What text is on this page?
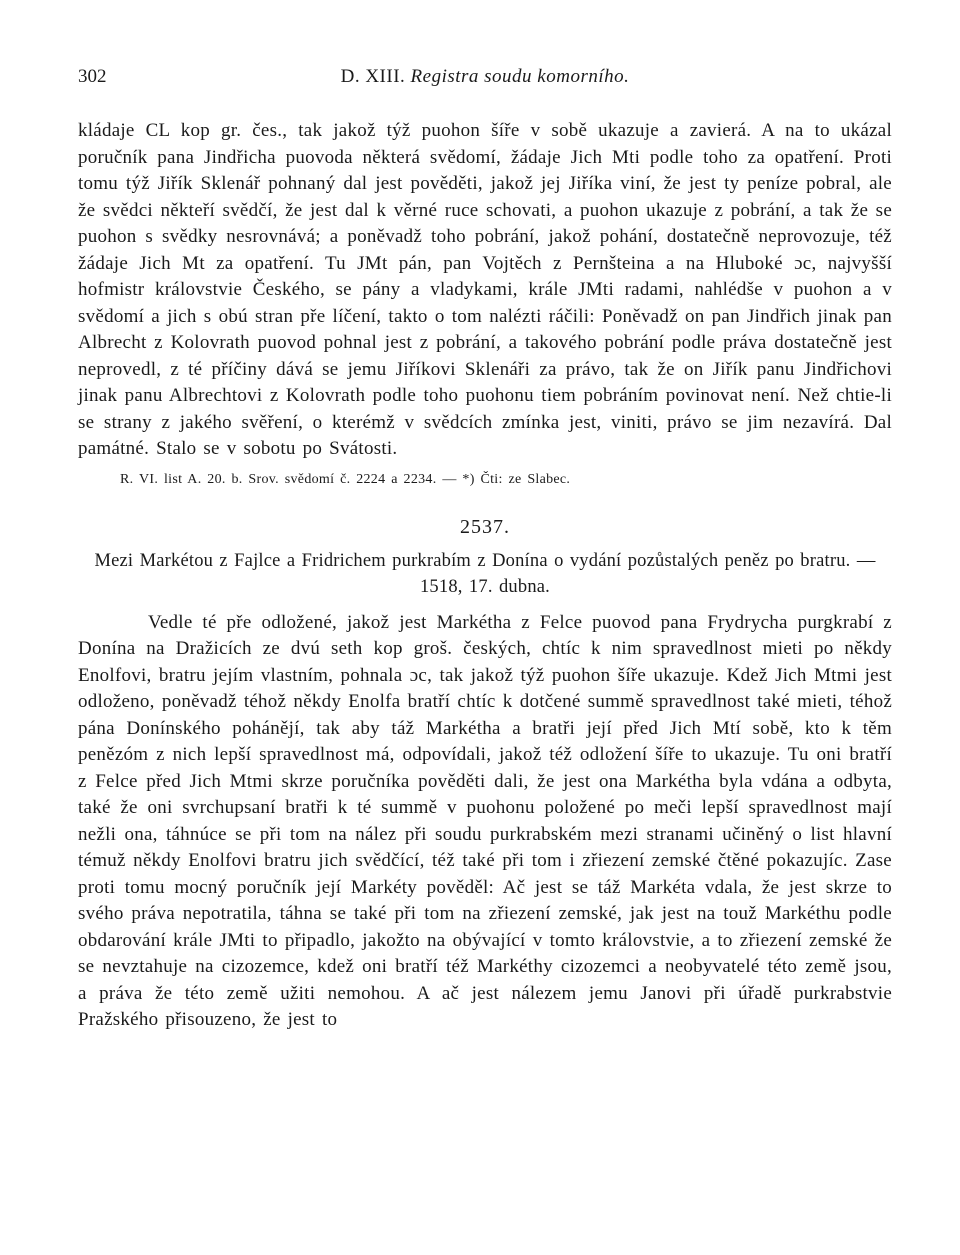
302	D. XIII. Registra soudu komorního.

kládaje CL kop gr. čes., tak jakož týž puohon šíře v sobě ukazuje a zavierá. A na to ukázal poručník pana Jindřicha puovoda některá svědomí, žádaje Jich Mti podle toho za opatření. Proti tomu týž Jiřík Sklenář pohnaný dal jest pověděti, jakož jej Jiříka viní, že jest ty peníze pobral, ale že svědci někteří svědčí, že jest dal k věrné ruce schovati, a puohon ukazuje z pobrání, a tak že se puohon s svědky nesrovnává; a poněvadž toho pobrání, jakož pohání, dostatečně neprovozuje, též žádaje Jich Mt za opatření. Tu JMt pán, pan Vojtěch z Pernšteina a na Hluboké ɔc, najvyšší hofmistr královstvie Českého, se pány a vladykami, krále JMti radami, nahlédše v puohon a v svědomí a jich s obú stran pře líčení, takto o tom nalézti ráčili: Poněvadž on pan Jindřich jinak pan Albrecht z Kolovrath puovod pohnal jest z pobrání, a takového pobrání podle práva dostatečně jest neprovedl, z té příčiny dává se jemu Jiříkovi Sklenáři za právo, tak že on Jiřík panu Jindřichovi jinak panu Albrechtovi z Kolovrath podle toho puohonu tiem pobráním povinovat není. Než chtie-li se strany z jakého svěření, o kterémž v svědcích zmínka jest, viniti, právo se jim nezavírá. Dal památné. Stalo se v sobotu po Svátosti.

R. VI. list A. 20. b. Srov. svědomí č. 2224 a 2234. — *) Čti: ze Slabec.
2537.

Mezi Markétou z Fajlce a Fridrichem purkrabím z Donína o vydání pozůstalých peněz po bratru. — 1518, 17. dubna.

Vedle té pře odložené, jakož jest Markétha z Felce puovod pana Frydrycha purgkrabí z Donína na Dražicích ze dvú seth kop groš. českých, chtíc k nim spravedlnost mieti po někdy Enolfovi, bratru jejím vlastním, pohnala ɔc, tak jakož týž puohon šíře ukazuje. Kdež Jich Mtmi jest odloženo, poněvadž téhož někdy Enolfa bratří chtíc k dotčené summě spravedlnost také mieti, téhož pána Donínského pohánějí, tak aby táž Markétha a bratři její před Jich Mtí sobě, kto k těm penězóm z nich lepší spravedlnost má, odpovídali, jakož též odložení šíře to ukazuje. Tu oni bratří z Felce před Jich Mtmi skrze poručníka pověděti dali, že jest ona Markétha byla vdána a odbyta, také že oni svrchupsaní bratři k té summě v puohonu položené po meči lepší spravedlnost mají nežli ona, táhnúce se při tom na nález při soudu purkrabském mezi stranami učiněný o list hlavní témuž někdy Enolfovi bratru jich svědčící, též také při tom i zřiezení zemské čtěné pokazujíc. Zase proti tomu mocný poručník její Markéty pověděl: Ač jest se táž Markéta vdala, že jest skrze to svého práva nepotratila, táhna se také při tom na zřiezení zemské, jak jest na touž Markéthu podle obdarování krále JMti to připadlo, jakožto na obývající v tomto královstvie, a to zřiezení zemské že se nevztahuje na cizozemce, kdež oni bratří též Markéthy cizozemci a neobyvatelé této země jsou, a práva že této země užiti nemohou. A ač jest nálezem jemu Janovi při úřadě purkrabstvie Pražského přisouzeno, že jest to
